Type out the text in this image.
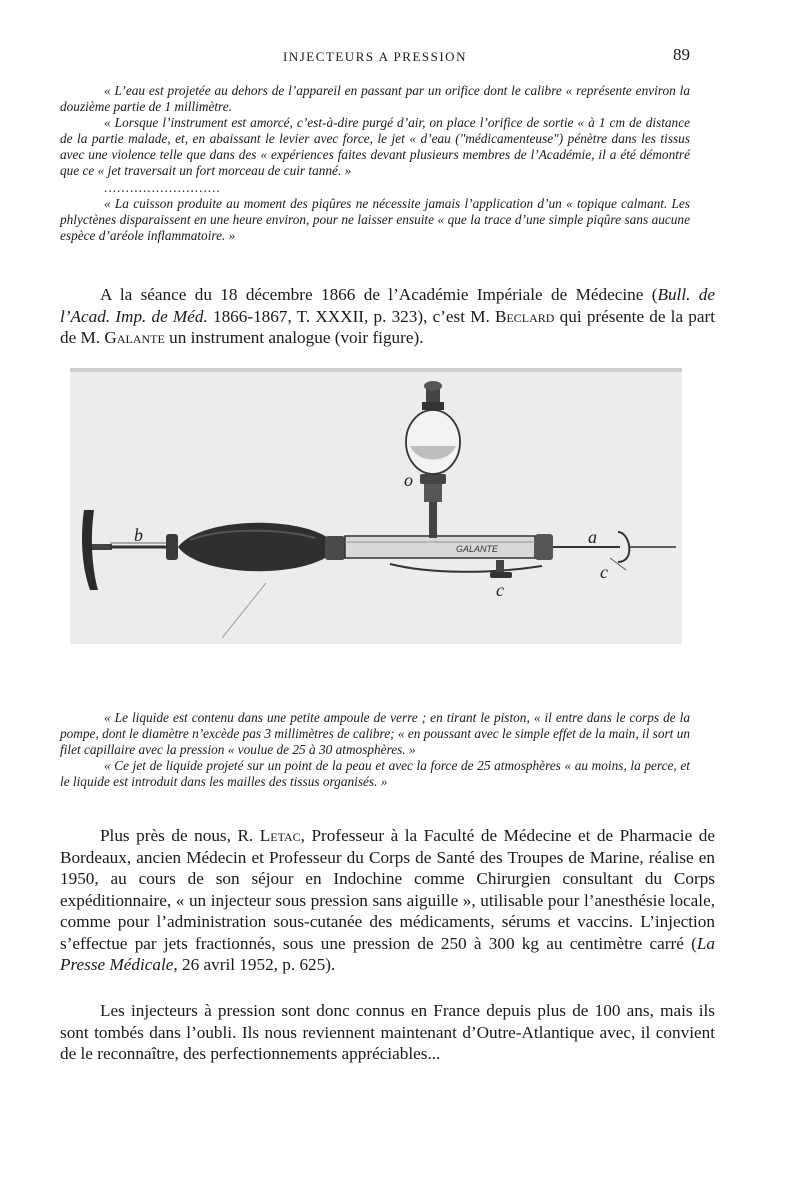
INJECTEURS A PRESSION	89

« L’eau est projetée au dehors de l’appareil en passant par un orifice dont le calibre « représente environ la douzième partie de 1 millimètre.

« Lorsque l’instrument est amorcé, c’est-à-dire purgé d’air, on place l’orifice de sortie « à 1 cm de distance de la partie malade, et, en abaissant le levier avec force, le jet « d’eau ("médicamenteuse") pénètre dans les tissus avec une violence telle que dans des « expériences faites devant plusieurs membres de l’Académie, il a été démontré que ce « jet traversait un fort morceau de cuir tanné. »

...........................

« La cuisson produite au moment des piqûres ne nécessite jamais l’application d’un « topique calmant. Les phlyctènes disparaissent en une heure environ, pour ne laisser ensuite « que la trace d’une simple piqûre sans aucune espèce d’aréole inflammatoire. »

A la séance du 18 décembre 1866 de l’Académie Impériale de Médecine (Bull. de l’Acad. Imp. de Méd. 1866-1867, T. XXXII, p. 323), c’est M. Beclard qui présente de la part de M. Galante un instrument analogue (voir figure).

GALANTE
o
b	a
c
c

« Le liquide est contenu dans une petite ampoule de verre ; en tirant le piston, « il entre dans le corps de la pompe, dont le diamètre n’excède pas 3 millimètres de calibre; « en poussant avec le simple effet de la main, il sort un filet capillaire avec la pression « voulue de 25 à 30 atmosphères. »

« Ce jet de liquide projeté sur un point de la peau et avec la force de 25 atmosphères « au moins, la perce, et le liquide est introduit dans les mailles des tissus organisés. »

Plus près de nous, R. Letac, Professeur à la Faculté de Médecine et de Pharmacie de Bordeaux, ancien Médecin et Professeur du Corps de Santé des Troupes de Marine, réalise en 1950, au cours de son séjour en Indochine comme Chirurgien consultant du Corps expéditionnaire, « un injecteur sous pression sans aiguille », utilisable pour l’anesthésie locale, comme pour l’administration sous-cutanée des médicaments, sérums et vaccins. L’injection s’effectue par jets fractionnés, sous une pression de 250 à 300 kg au centimètre carré (La Presse Médicale, 26 avril 1952, p. 625).

Les injecteurs à pression sont donc connus en France depuis plus de 100 ans, mais ils sont tombés dans l’oubli. Ils nous reviennent maintenant d’Outre-Atlantique avec, il convient de le reconnaître, des perfectionnements appréciables...
